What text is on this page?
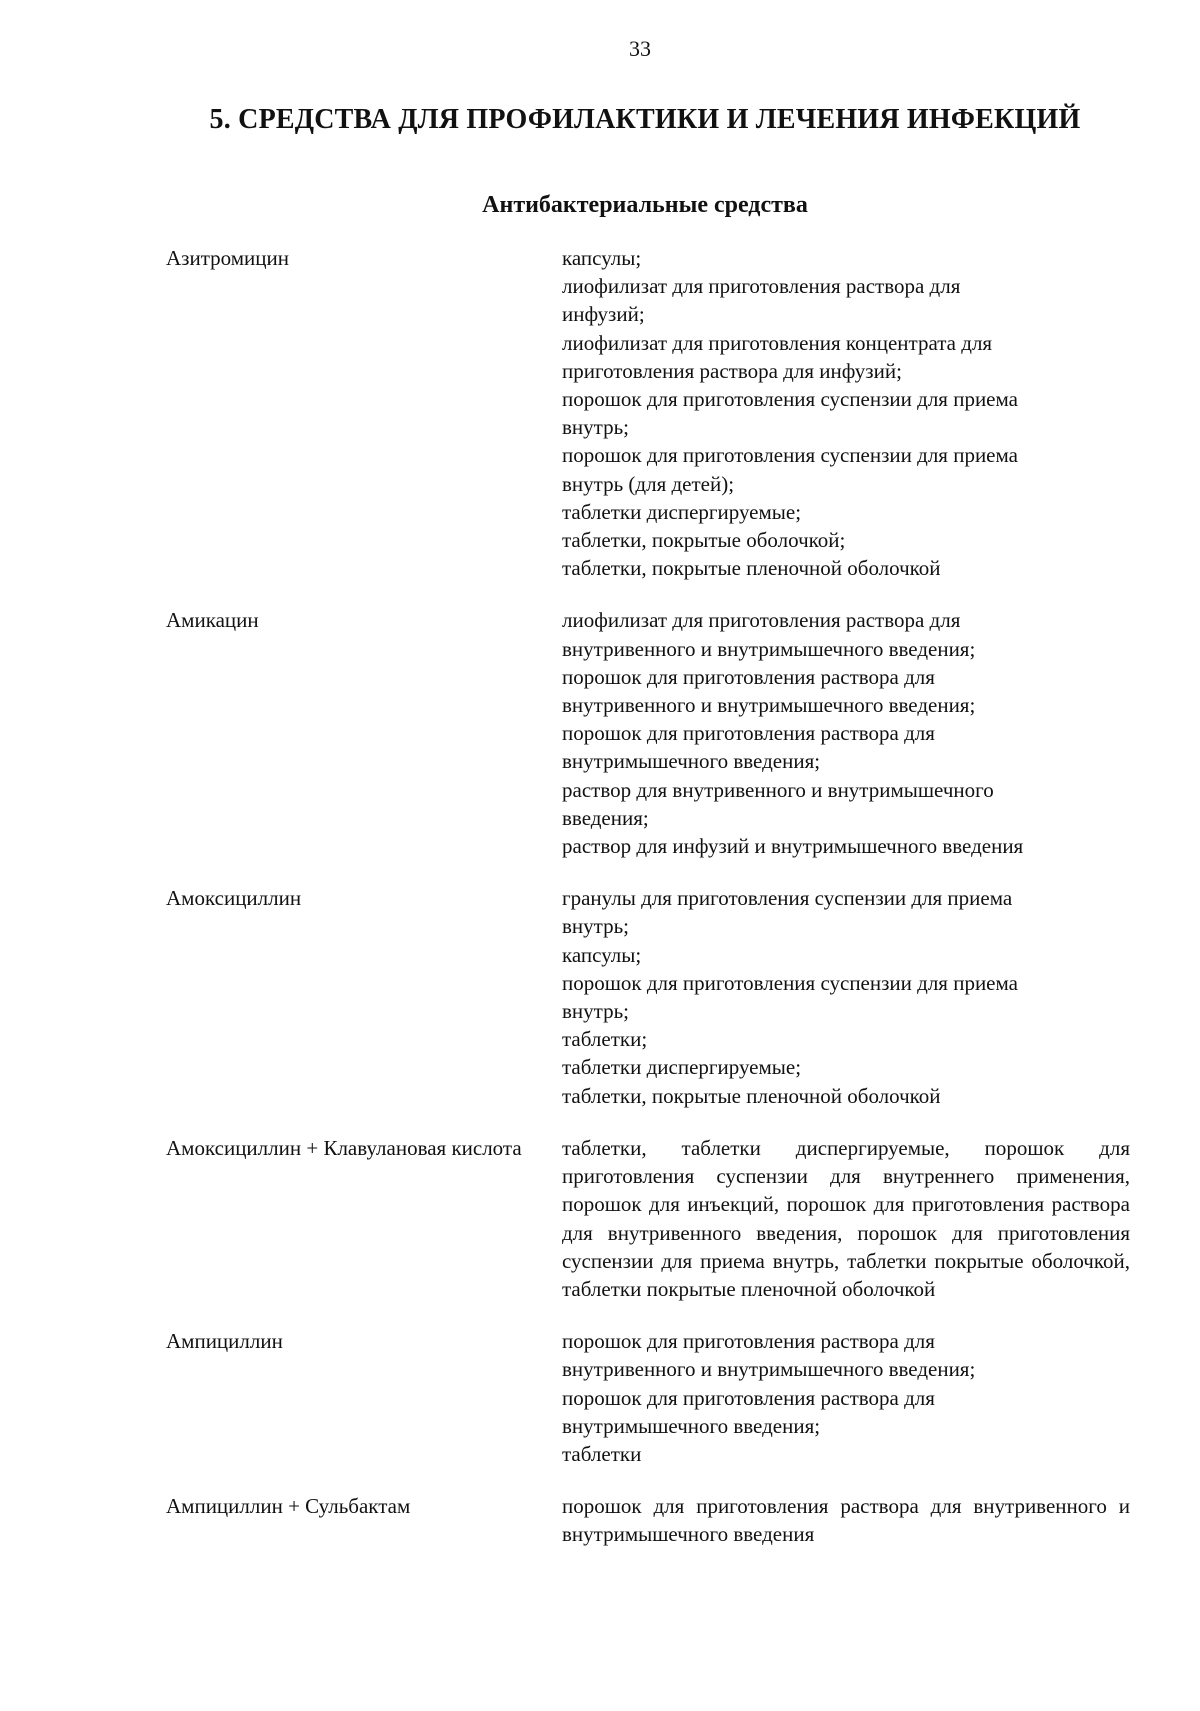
33
5. СРЕДСТВА ДЛЯ ПРОФИЛАКТИКИ И ЛЕЧЕНИЯ ИНФЕКЦИЙ
Антибактериальные средства
Азитромицин	капсулы;
лиофилизат для приготовления раствора для
инфузий;
лиофилизат для приготовления концентрата для
приготовления раствора для инфузий;
порошок для приготовления суспензии для приема
внутрь;
порошок для приготовления суспензии для приема
внутрь (для детей);
таблетки диспергируемые;
таблетки, покрытые оболочкой;
таблетки, покрытые пленочной оболочкой
Амикацин	лиофилизат для приготовления раствора для
внутривенного и внутримышечного введения;
порошок для приготовления раствора для
внутривенного и внутримышечного введения;
порошок для приготовления раствора для
внутримышечного введения;
раствор для внутривенного и внутримышечного
введения;
раствор для инфузий и внутримышечного введения
Амоксициллин	гранулы для приготовления суспензии для приема
внутрь;
капсулы;
порошок для приготовления суспензии для приема
внутрь;
таблетки;
таблетки диспергируемые;
таблетки, покрытые пленочной оболочкой
Амоксициллин + Клавулановая кислота	таблетки, таблетки диспергируемые, порошок для приготовления суспензии для внутреннего применения, порошок для инъекций, порошок для приготовления раствора для внутривенного введения, порошок для приготовления суспензии для приема внутрь, таблетки покрытые оболочкой, таблетки покрытые пленочной оболочкой
Ампициллин	порошок для приготовления раствора для
внутривенного и внутримышечного введения;
порошок для приготовления раствора для
внутримышечного введения;
таблетки
Ампициллин + Сульбактам	порошок для приготовления раствора для внутривенного и внутримышечного введения
